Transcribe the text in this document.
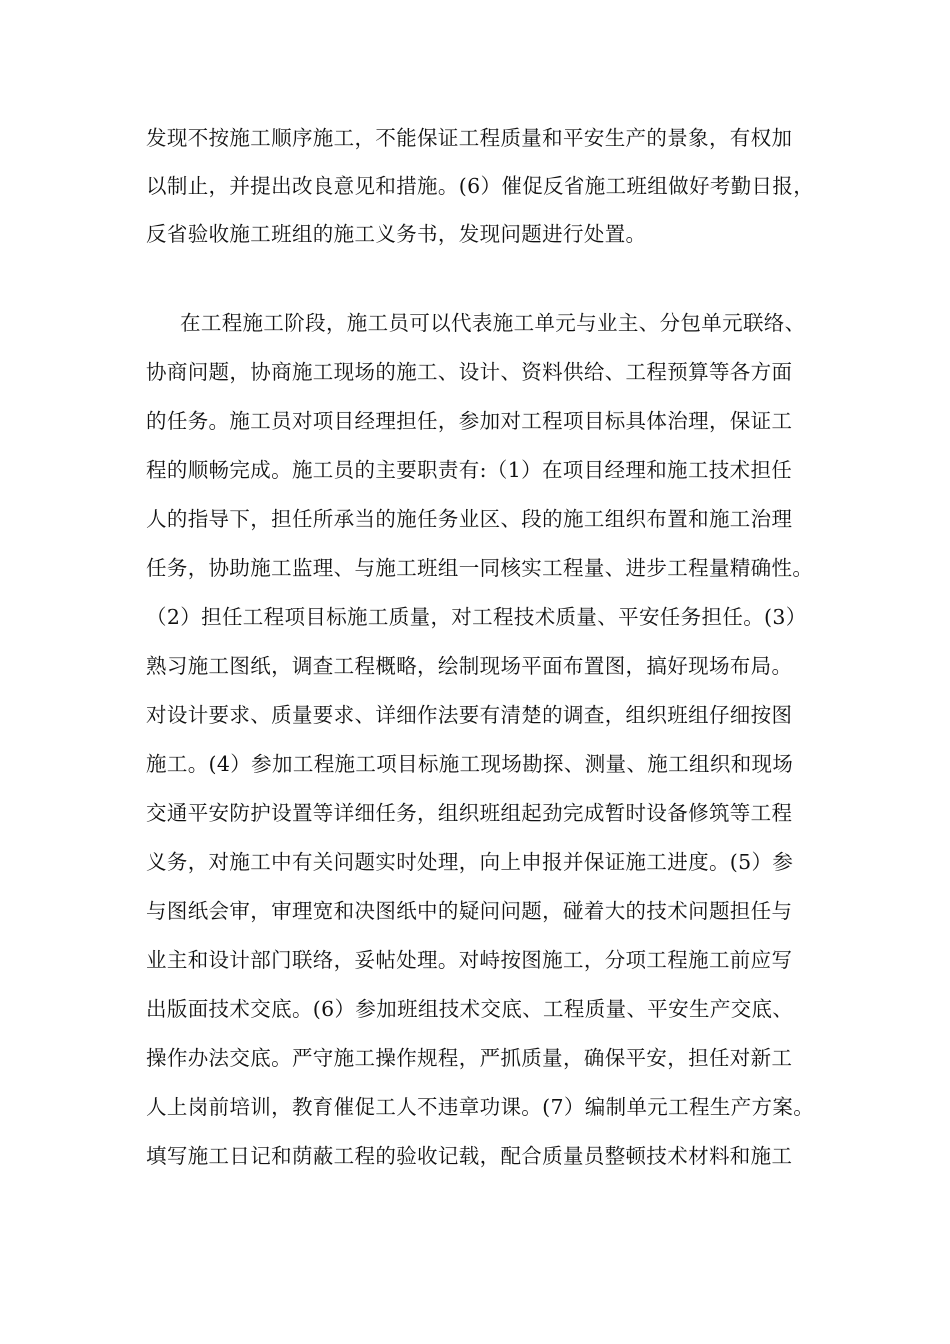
发现不按施工顺序施工，不能保证工程质量和平安生产的景象，有权加
以制止，并提出改良意见和措施。(6）催促反省施工班组做好考勤日报，
反省验收施工班组的施工义务书，发现问题进行处置。
在工程施工阶段，施工员可以代表施工单元与业主、分包单元联络、
协商问题，协商施工现场的施工、设计、资料供给、工程预算等各方面
的任务。施工员对项目经理担任，参加对工程项目标具体治理，保证工
程的顺畅完成。施工员的主要职责有:（1）在项目经理和施工技术担任
人的指导下，担任所承当的施任务业区、段的施工组织布置和施工治理
任务，协助施工监理、与施工班组一同核实工程量、进步工程量精确性。
（2）担任工程项目标施工质量，对工程技术质量、平安任务担任。(3）
熟习施工图纸，调查工程概略，绘制现场平面布置图，搞好现场布局。
对设计要求、质量要求、详细作法要有清楚的调查，组织班组仔细按图
施工。(4）参加工程施工项目标施工现场勘探、测量、施工组织和现场
交通平安防护设置等详细任务，组织班组起劲完成暂时设备修筑等工程
义务，对施工中有关问题实时处理，向上申报并保证施工进度。(5）参
与图纸会审，审理宽和决图纸中的疑问问题，碰着大的技术问题担任与
业主和设计部门联络，妥帖处理。对峙按图施工，分项工程施工前应写
出版面技术交底。(6）参加班组技术交底、工程质量、平安生产交底、
操作办法交底。严守施工操作规程，严抓质量，确保平安，担任对新工
人上岗前培训，教育催促工人不违章功课。(7）编制单元工程生产方案。
填写施工日记和荫蔽工程的验收记载，配合质量员整顿技术材料和施工
